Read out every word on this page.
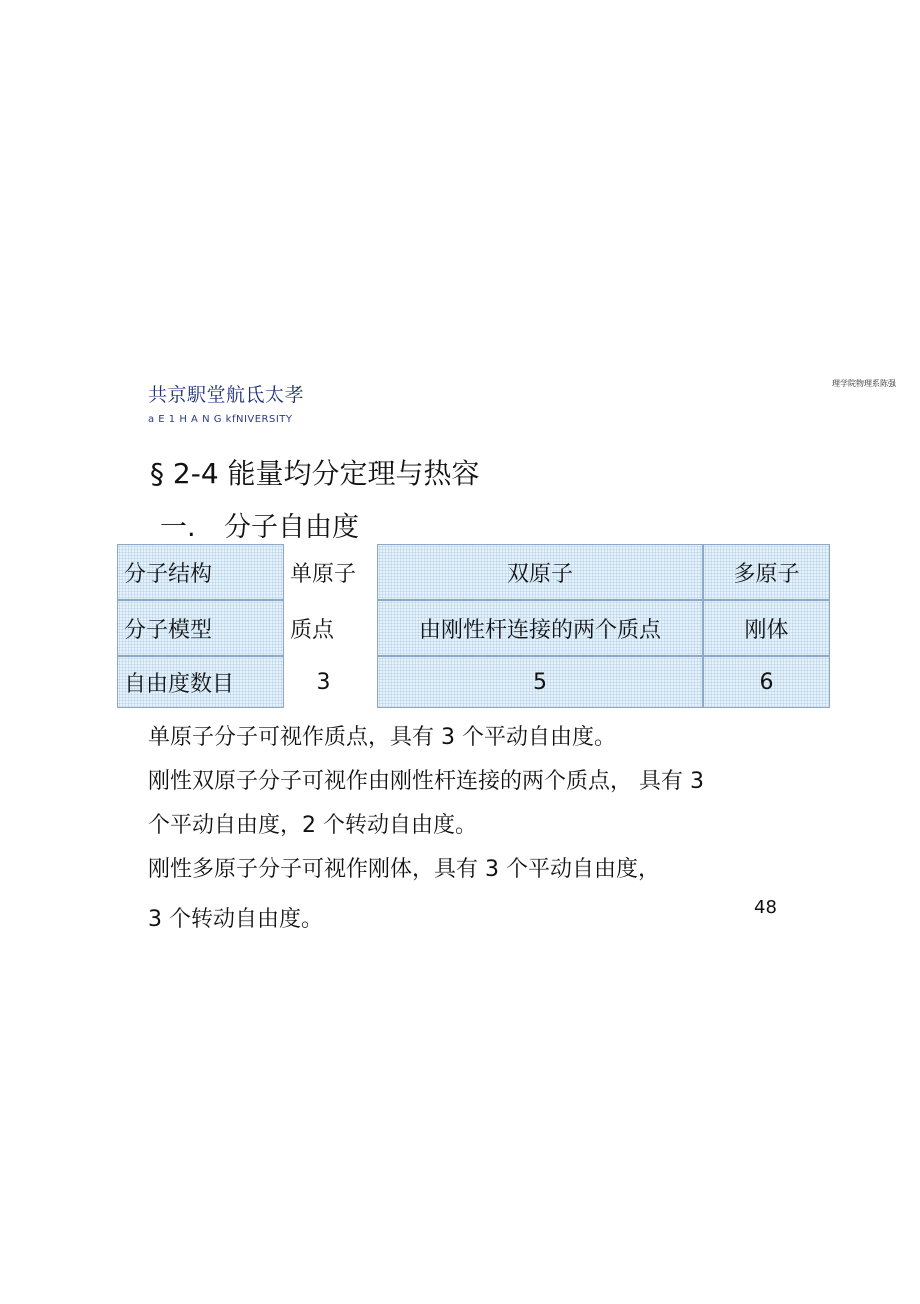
共京駅堂航氐太孝
a E 1 H A N G kfNIVERSITY
理学院物理系陈强
§ 2-4 能量均分定理与热容
一. 分子自由度
分子结构	单原子	双原子	多原子
分子模型	质点	由刚性杆连接的两个质点	刚体
自由度数目	3	5	6
单原子分子可视作质点，具有 3 个平动自由度。
刚性双原子分子可视作由刚性杆连接的两个质点， 具有 3
个平动自由度，2 个转动自由度。
刚性多原子分子可视作刚体，具有 3 个平动自由度，
3 个转动自由度。	48
